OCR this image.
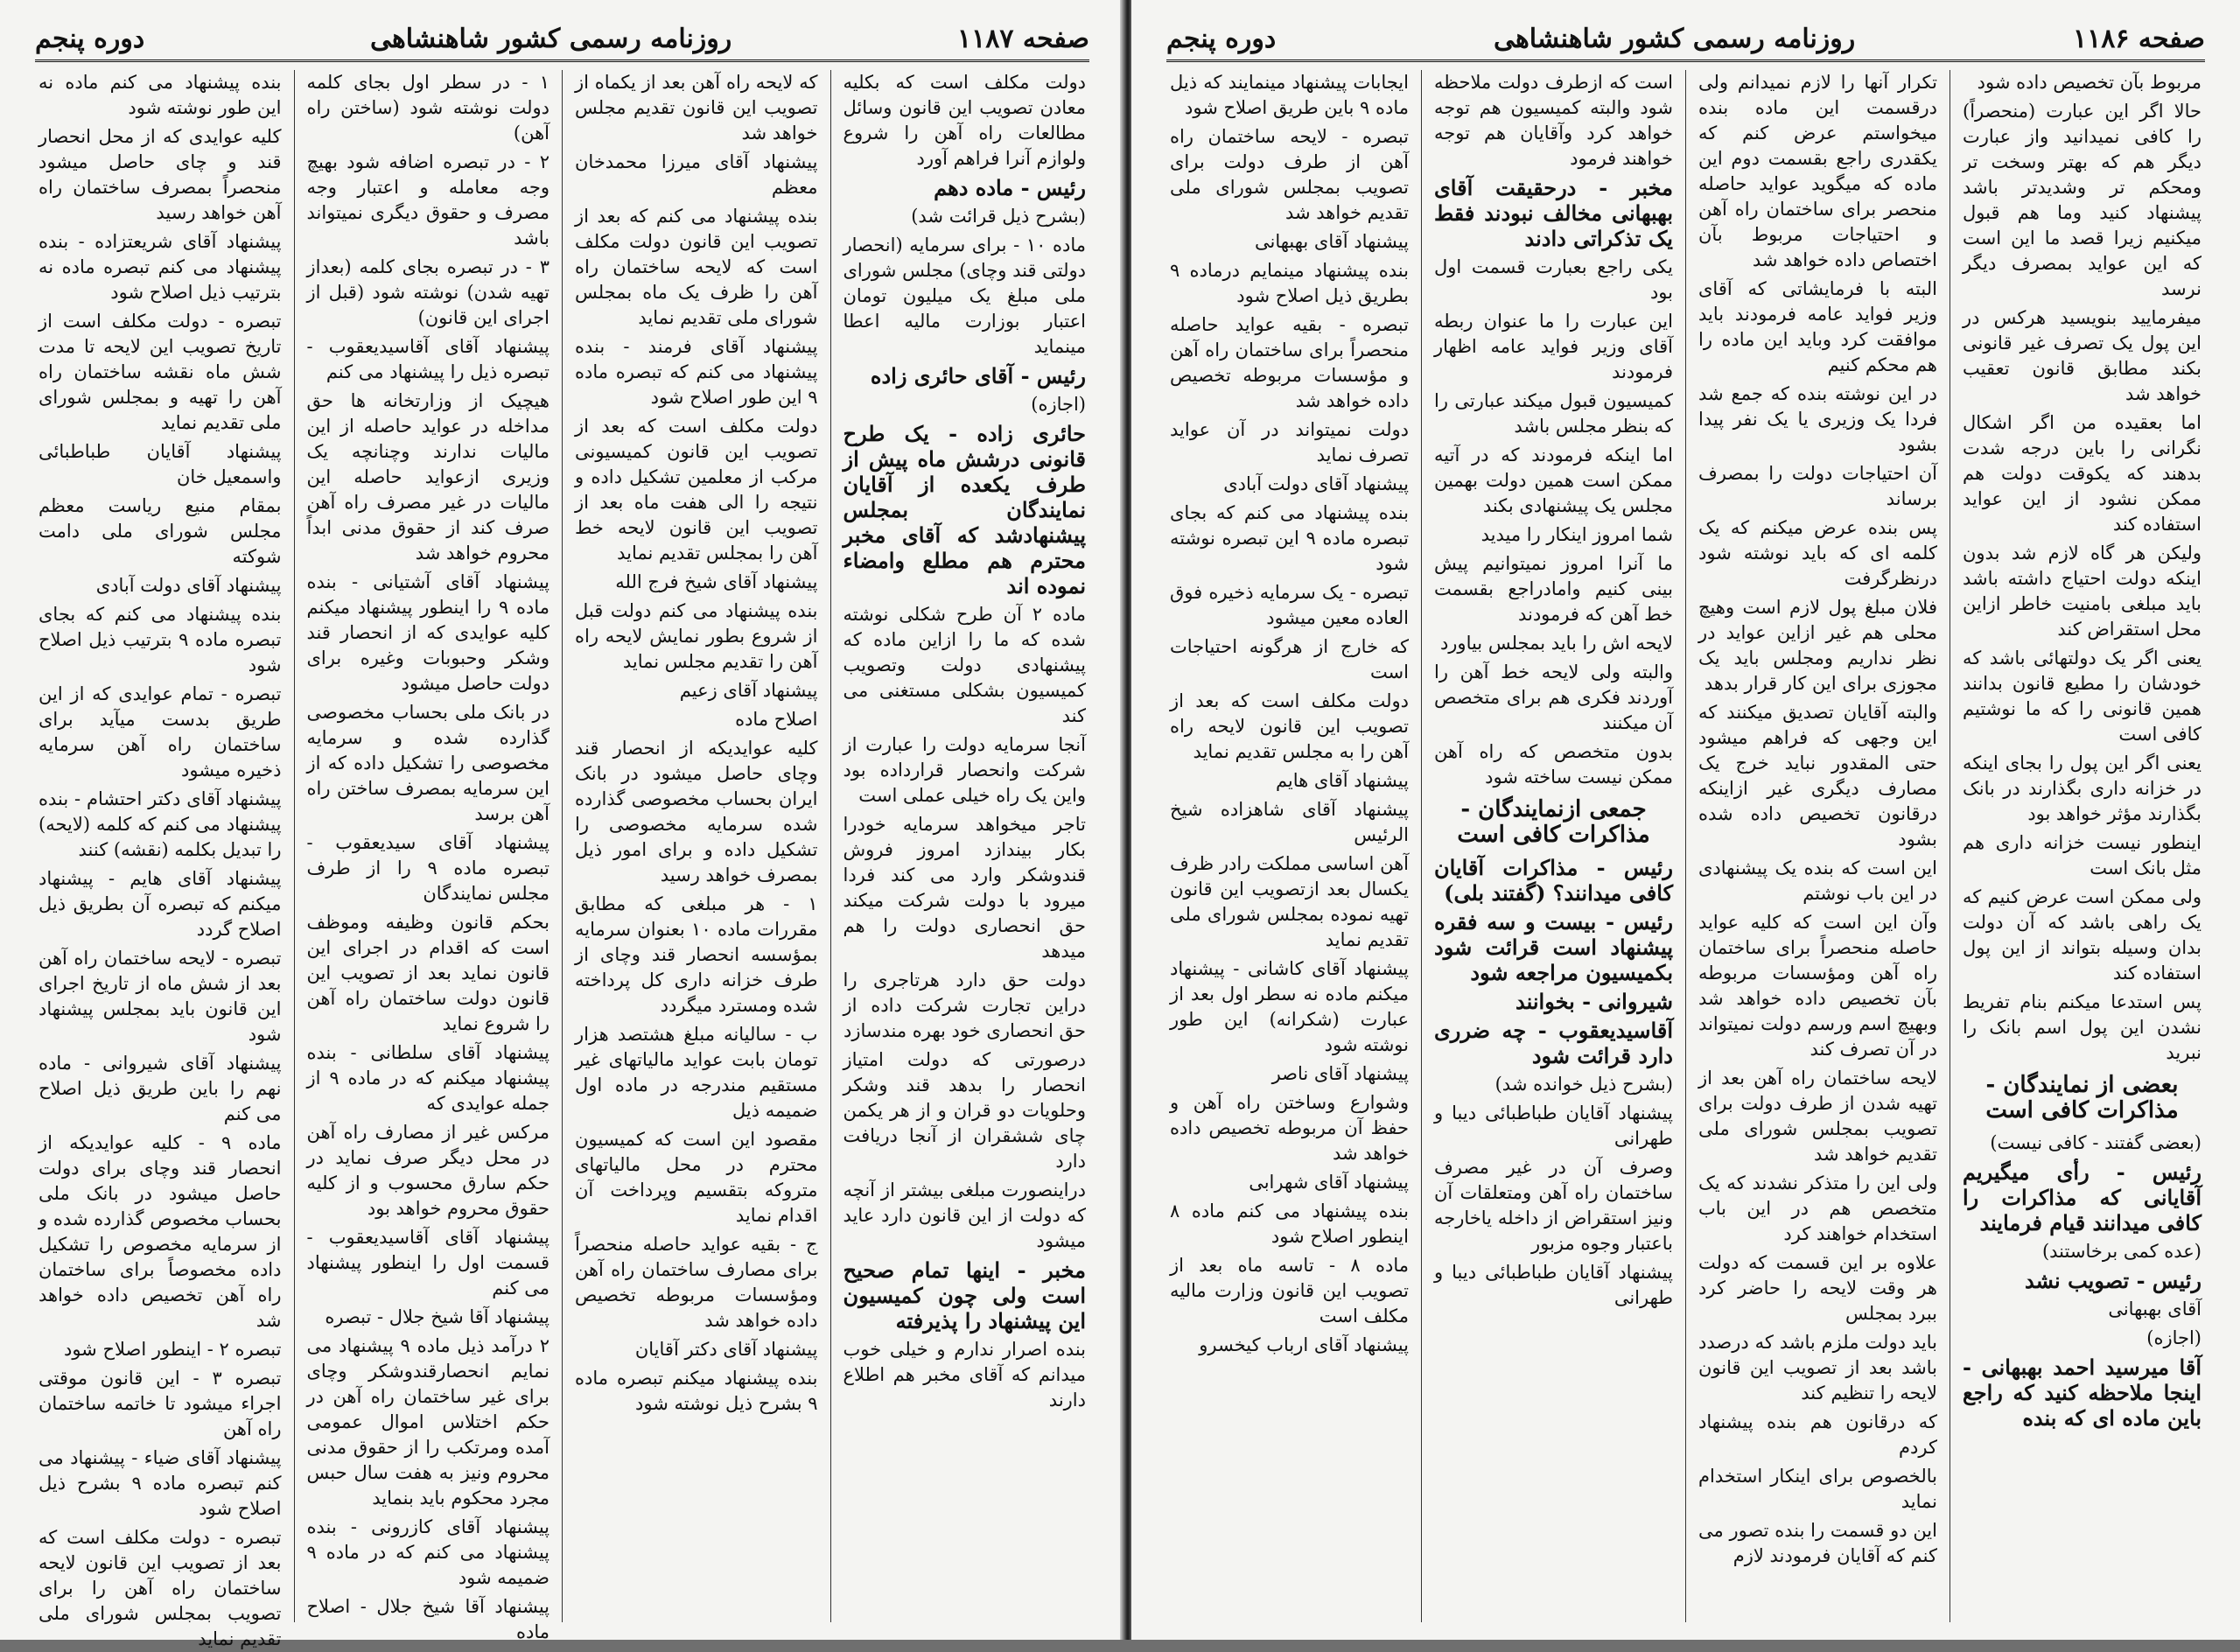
صفحه ۱۱۸۷
روزنامه رسمی کشور شاهنشاهی
دوره پنجم

دولت مکلف است که بکلیه معادن تصویب این قانون وسائل مطالعات راه آهن را شروع ولوازم آنرا فراهم آورد

رئیس - ماده دهم

(بشرح ذیل قرائت شد)

ماده ۱۰ - برای سرمایه (انحصار دولتی قند وچای) مجلس شورای ملی مبلغ یک میلیون تومان اعتبار بوزارت مالیه اعطا مینماید

رئیس - آقای حائری زاده

(اجازه)

حائری زاده - یک طرح قانونی درشش ماه پیش از طرف یکعده از آقایان نمایندگان بمجلس پیشنهادشد که آقای مخبر محترم هم مطلع وامضاء نموده اند

ماده ۲ آن طرح شکلی نوشته شده که ما را ازاین ماده که پیشنهادی دولت وتصویب کمیسیون بشکلی مستغنی می کند

آنجا سرمایه دولت را عبارت از شرکت وانحصار قرارداده بود واین یک راه خیلی عملی است

تاجر میخواهد سرمایه خودرا بکار بیندازد امروز فروش قندوشکر وارد می کند فردا میرود با دولت شرکت میکند حق انحصاری دولت را هم میدهد

دولت حق دارد هرتاجری را دراین تجارت شرکت داده از حق انحصاری خود بهره مندسازد

درصورتی که دولت امتیاز انحصار را بدهد قند وشکر وحلویات دو قران و از هر یکمن چای ششقران از آنجا دریافت دارد

دراینصورت مبلغی بیشتر از آنچه که دولت از این قانون دارد عاید میشود

مخبر - اینها تمام صحیح است ولی چون کمیسیون این پیشنهاد را پذیرفته

بنده اصرار ندارم و خیلی خوب میدانم که آقای مخبر هم اطلاع دارند

که لایحه راه آهن بعد از یکماه از تصویب این قانون تقدیم مجلس خواهد شد

پیشنهاد آقای میرزا محمدخان معظم

بنده پیشنهاد می کنم که بعد از تصویب این قانون دولت مکلف است که لایحه ساختمان راه آهن را ظرف یک ماه بمجلس شورای ملی تقدیم نماید

پیشنهاد آقای فرمند - بنده پیشنهاد می کنم که تبصره ماده ۹ این طور اصلاح شود

دولت مکلف است که بعد از تصویب این قانون کمیسیونی مرکب از معلمین تشکیل داده و نتیجه را الی هفت ماه بعد از تصویب این قانون لایحه خط آهن را بمجلس تقدیم نماید

پیشنهاد آقای شیخ فرج الله

بنده پیشنهاد می کنم دولت قبل از شروع بطور نمایش لایحه راه آهن را تقدیم مجلس نماید

پیشنهاد آقای زعیم

اصلاح ماده

کلیه عوایدیکه از انحصار قند وچای حاصل میشود در بانک ایران بحساب مخصوصی گذارده شده سرمایه مخصوصی را تشکیل داده و برای امور ذیل بمصرف خواهد رسید

۱ - هر مبلغی که مطابق مقررات ماده ۱۰ بعنوان سرمایه بمؤسسه انحصار قند وچای از طرف خزانه داری کل پرداخته شده ومسترد میگردد

ب - سالیانه مبلغ هشتصد هزار تومان بابت عواید مالیاتهای غیر مستقیم مندرجه در ماده اول ضمیمه ذیل

مقصود این است که کمیسیون محترم در محل مالیاتهای متروکه بتقسیم وپرداخت آن اقدام نماید

ج - بقیه عواید حاصله منحصراً برای مصارف ساختمان راه آهن ومؤسسات مربوطه تخصیص داده خواهد شد

پیشنهاد آقای دکتر آقایان

بنده پیشنهاد میکنم تبصره ماده ۹ بشرح ذیل نوشته شود

۱ - در سطر اول بجای کلمه دولت نوشته شود (ساختن راه آهن)

۲ - در تبصره اضافه شود بهیچ وجه معامله و اعتبار وجه مصرف و حقوق دیگری نمیتواند باشد

۳ - در تبصره بجای کلمه (بعداز تهیه شدن) نوشته شود (قبل از اجرای این قانون)

پیشنهاد آقای آقاسیدیعقوب - تبصره ذیل را پیشنهاد می کنم

هیچیک از وزارتخانه ها حق مداخله در عواید حاصله از این مالیات ندارند وچنانچه یک وزیری ازعواید حاصله این مالیات در غیر مصرف راه آهن صرف کند از حقوق مدنی ابداً محروم خواهد شد

پیشنهاد آقای آشتیانی - بنده ماده ۹ را اینطور پیشنهاد میکنم کلیه عوایدی که از انحصار قند وشکر وحبوبات وغیره برای دولت حاصل میشود

در بانک ملی بحساب مخصوصی گذارده شده و سرمایه مخصوصی را تشکیل داده که از این سرمایه بمصرف ساختن راه آهن برسد

پیشنهاد آقای سیدیعقوب - تبصره ماده ۹ را از طرف مجلس نمایندگان

بحکم قانون وظیفه وموظف است که اقدام در اجرای این قانون نماید بعد از تصویب این قانون دولت ساختمان راه آهن را شروع نماید

پیشنهاد آقای سلطانی - بنده پیشنهاد میکنم که در ماده ۹ از جمله عوایدی که

مرکس غیر از مصارف راه آهن در محل دیگر صرف نماید در حکم سارق محسوب و از کلیه حقوق محروم خواهد بود

پیشنهاد آقای آقاسیدیعقوب - قسمت اول را اینطور پیشنهاد می کنم

پیشنهاد آقا شیخ جلال - تبصره

۲ درآمد ذیل ماده ۹ پیشنهاد می نمایم انحصارقندوشکر وچای برای غیر ساختمان راه آهن در حکم اختلاس اموال عمومی آمده ومرتکب را از حقوق مدنی محروم ونیز به هفت سال حبس مجرد محکوم باید بنماید

پیشنهاد آقای کازرونی - بنده پیشنهاد می کنم که در ماده ۹ ضمیمه شود

پیشنهاد آقا شیخ جلال - اصلاح ماده

بنده پیشنهاد می کنم ماده نه این طور نوشته شود

کلیه عوایدی که از محل انحصار قند و چای حاصل میشود منحصراً بمصرف ساختمان راه آهن خواهد رسید

پیشنهاد آقای شریعتزاده - بنده پیشنهاد می کنم تبصره ماده نه بترتیب ذیل اصلاح شود

تبصره - دولت مکلف است از تاریخ تصویب این لایحه تا مدت شش ماه نقشه ساختمان راه آهن را تهیه و بمجلس شورای ملی تقدیم نماید

پیشنهاد آقایان طباطبائی واسمعیل خان

بمقام منیع ریاست معظم مجلس شورای ملی دامت شوکته

پیشنهاد آقای دولت آبادی

بنده پیشنهاد می کنم که بجای تبصره ماده ۹ بترتیب ذیل اصلاح شود

تبصره - تمام عوایدی که از این طریق بدست میآید برای ساختمان راه آهن سرمایه ذخیره میشود

پیشنهاد آقای دکتر احتشام - بنده پیشنهاد می کنم که کلمه (لایحه) را تبدیل بکلمه (نقشه) کنند

پیشنهاد آقای هایم - پیشنهاد میکنم که تبصره آن بطریق ذیل اصلاح گردد

تبصره - لایحه ساختمان راه آهن بعد از شش ماه از تاریخ اجرای این قانون باید بمجلس پیشنهاد شود

پیشنهاد آقای شیروانی - ماده نهم را باین طریق ذیل اصلاح می کنم

ماده ۹ - کلیه عوایدیکه از انحصار قند وچای برای دولت حاصل میشود در بانک ملی بحساب مخصوص گذارده شده و از سرمایه مخصوص را تشکیل داده مخصوصاً برای ساختمان راه آهن تخصیص داده خواهد شد

تبصره ۲ - اینطور اصلاح شود

تبصره ۳ - این قانون موقتی اجراء میشود تا خاتمه ساختمان راه آهن

پیشنهاد آقای ضیاء - پیشنهاد می کنم تبصره ماده ۹ بشرح ذیل اصلاح شود

تبصره - دولت مکلف است که بعد از تصویب این قانون لایحه ساختمان راه آهن را برای تصویب بمجلس شورای ملی تقدیم نماید

صفحه ۱۱۸۶
روزنامه رسمی کشور شاهنشاهی
دوره پنجم

مربوط بآن تخصیص داده شود

حالا اگر این عبارت (منحصراً) را کافی نمیدانید واز عبارت دیگر هم که بهتر وسخت تر ومحکم تر وشدیدتر باشد پیشنهاد کنید وما هم قبول میکنیم زیرا قصد ما این است که این عواید بمصرف دیگر نرسد

میفرمایید بنویسید هرکس در این پول یک تصرف غیر قانونی بکند مطابق قانون تعقیب خواهد شد

اما بعقیده من اگر اشکال نگرانی را باین درجه شدت بدهند که یکوقت دولت هم ممکن نشود از این عواید استفاده کند

ولیکن هر گاه لازم شد بدون اینکه دولت احتیاج داشته باشد باید مبلغی بامنیت خاطر ازاین محل استقراض کند

یعنی اگر یک دولتهائی باشد که خودشان را مطیع قانون بدانند همین قانونی را که ما نوشتیم کافی است

یعنی اگر این پول را بجای اینکه در خزانه داری بگذارند در بانک بگذارند مؤثر خواهد بود

اینطور نیست خزانه داری هم مثل بانک است

ولی ممکن است عرض کنیم که یک راهی باشد که آن دولت بدان وسیله بتواند از این پول استفاده کند

پس استدعا میکنم بنام تفریط نشدن این پول اسم بانک را نبرید

بعضی از نمایندگان - مذاکرات کافی است

(بعضی گفتند - کافی نیست)

رئیس - رأی میگیریم آقایانی که مذاکرات را کافی میدانند قیام فرمایند

(عده کمی برخاستند)

رئیس - تصویب نشد

آقای بهبهانی

(اجازه)

آقا میرسید احمد بهبهانی - اینجا ملاحظه کنید که راجع باین ماده ای که بنده

تکرار آنها را لازم نمیدانم ولی درقسمت این ماده بنده میخواستم عرض کنم که یکقدری راجع بقسمت دوم این ماده که میگوید عواید حاصله منحصر برای ساختمان راه آهن و احتیاجات مربوط بآن اختصاص داده خواهد شد

البته با فرمایشاتی که آقای وزیر فواید عامه فرمودند باید موافقت کرد وباید این ماده را هم محکم کنیم

در این نوشته بنده که جمع شد فردا یک وزیری یا یک نفر پیدا بشود

آن احتیاجات دولت را بمصرف برساند

پس بنده عرض میکنم که یک کلمه ای که باید نوشته شود درنظرگرفت

فلان مبلغ پول لازم است وهیچ محلی هم غیر ازاین عواید در نظر نداریم ومجلس باید یک مجوزی برای این کار قرار بدهد

والبته آقایان تصدیق میکنند که این وجهی که فراهم میشود حتی المقدور نباید خرج یک مصارف دیگری غیر ازاینکه درقانون تخصیص داده شده بشود

این است که بنده یک پیشنهادی در این باب نوشتم

وآن این است که کلیه عواید حاصله منحصراً برای ساختمان راه آهن ومؤسسات مربوطه بآن تخصیص داده خواهد شد وبهیچ اسم ورسم دولت نمیتواند در آن تصرف کند

لایحه ساختمان راه آهن بعد از تهیه شدن از طرف دولت برای تصویب بمجلس شورای ملی تقدیم خواهد شد

ولی این را متذکر نشدند که یک متخصص هم در این باب استخدام خواهند کرد

علاوه بر این قسمت که دولت هر وقت لایحه را حاضر کرد ببرد بمجلس

باید دولت ملزم باشد که درصدد باشد بعد از تصویب این قانون لایحه را تنظیم کند

که درقانون هم بنده پیشنهاد کردم

بالخصوص برای اینکار استخدام نماید

این دو قسمت را بنده تصور می کنم که آقایان فرمودند لازم

است که ازطرف دولت ملاحظه شود والبته کمیسیون هم توجه خواهد کرد وآقایان هم توجه خواهند فرمود

مخبر - درحقیقت آقای بهبهانی مخالف نبودند فقط یک تذکراتی دادند

یکی راجع بعبارت قسمت اول بود

این عبارت را ما عنوان ربطه آقای وزیر فواید عامه اظهار فرمودند

کمیسیون قبول میکند عبارتی را که بنظر مجلس باشد

اما اینکه فرمودند که در آتیه ممکن است همین دولت بهمین مجلس یک پیشنهادی بکند

شما امروز اینکار را میدید

ما آنرا امروز نمیتوانیم پیش بینی کنیم وامادراجع بقسمت خط آهن که فرمودند

لایحه اش را باید بمجلس بیاورد

والبته ولی لایحه خط آهن را آوردند فکری هم برای متخصص آن میکنند

بدون متخصص که راه آهن ممکن نیست ساخته شود

جمعی ازنمایندگان - مذاکرات کافی است

رئیس - مذاکرات آقایان کافی میدانند؟ (گفتند بلی)

رئیس - بیست و سه فقره پیشنهاد است قرائت شود بکمیسیون مراجعه شود

شیروانی - بخوانند

آقاسیدیعقوب - چه ضرری دارد قرائت شود

(بشرح ذیل خوانده شد)

پیشنهاد آقایان طباطبائی دیبا و طهرانی

وصرف آن در غیر مصرف ساختمان راه آهن ومتعلقات آن ونیز استقراض از داخله یاخارجه باعتبار وجوه مزبور

پیشنهاد آقایان طباطبائی دیبا و طهرانی

ایجابات پیشنهاد مینمایند که ذیل ماده ۹ باین طریق اصلاح شود

تبصره - لایحه ساختمان راه آهن از طرف دولت برای تصویب بمجلس شورای ملی تقدیم خواهد شد

پیشنهاد آقای بهبهانی

بنده پیشنهاد مینمایم درماده ۹ بطریق ذیل اصلاح شود

تبصره - بقیه عواید حاصله منحصراً برای ساختمان راه آهن و مؤسسات مربوطه تخصیص داده خواهد شد

دولت نمیتواند در آن عواید تصرف نماید

پیشنهاد آقای دولت آبادی

بنده پیشنهاد می کنم که بجای تبصره ماده ۹ این تبصره نوشته شود

تبصره - یک سرمایه ذخیره فوق العاده معین میشود

که خارج از هرگونه احتیاجات است

دولت مکلف است که بعد از تصویب این قانون لایحه راه آهن را به مجلس تقدیم نماید

پیشنهاد آقای هایم

پیشنهاد آقای شاهزاده شیخ الرئیس

آهن اساسی مملکت رادر ظرف یکسال بعد ازتصویب این قانون تهیه نموده بمجلس شورای ملی تقدیم نماید

پیشنهاد آقای کاشانی - پیشنهاد میکنم ماده نه سطر اول بعد از عبارت (شکرانه) این طور نوشته شود

پیشنهاد آقای ناصر

وشوارع وساختن راه آهن و حفظ آن مربوطه تخصیص داده خواهد شد

پیشنهاد آقای شهرابی

بنده پیشنهاد می کنم ماده ۸ اینطور اصلاح شود

ماده ۸ - تاسه ماه بعد از تصویب این قانون وزارت مالیه مکلف است

پیشنهاد آقای ارباب کیخسرو
